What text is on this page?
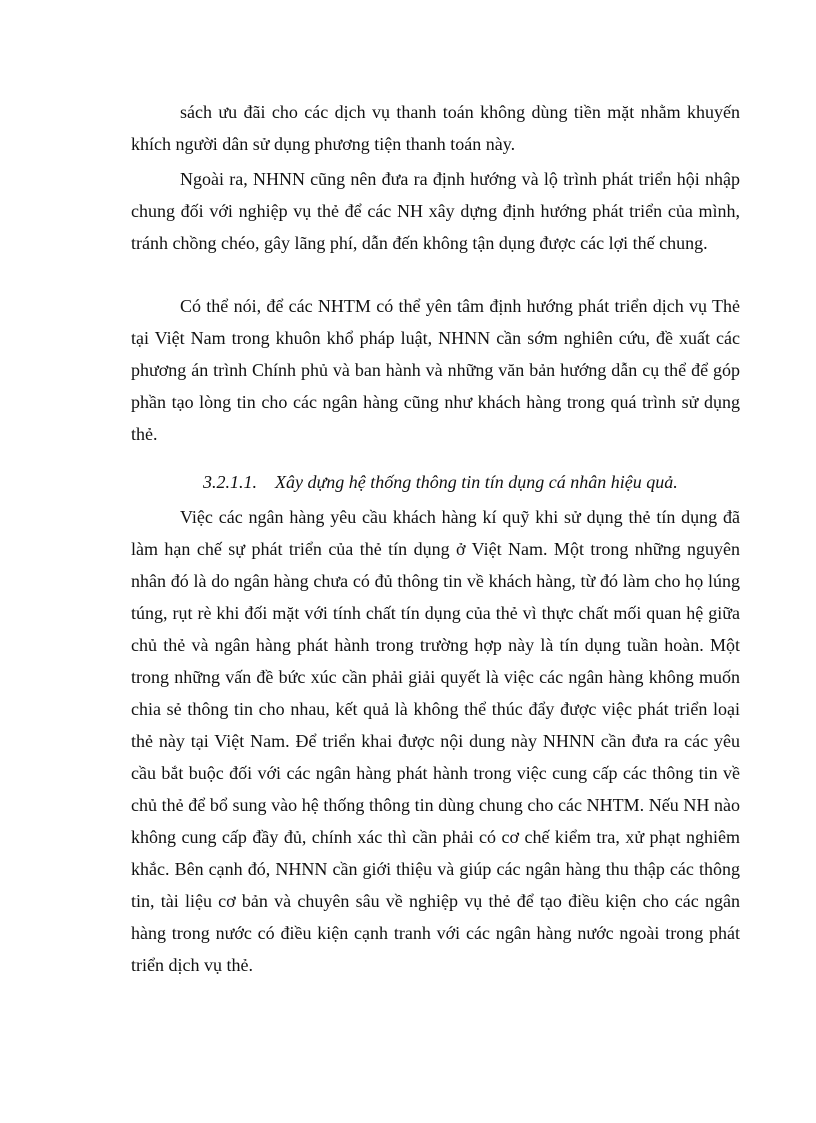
sách ưu đãi cho các dịch vụ thanh toán không dùng tiền mặt nhằm khuyến khích người dân sử dụng phương tiện thanh toán này.

Ngoài ra, NHNN cũng nên đưa ra định hướng và lộ trình phát triển hội nhập chung đối với nghiệp vụ thẻ để các NH xây dựng định hướng phát triển của mình, tránh chồng chéo, gây lãng phí, dẫn đến không tận dụng được các lợi thế chung.

Có thể nói, để các NHTM có thể yên tâm định hướng phát triển dịch vụ Thẻ tại Việt Nam trong khuôn khổ pháp luật, NHNN cần sớm nghiên cứu, đề xuất các phương án trình Chính phủ và ban hành và những văn bản hướng dẫn cụ thể để góp phần tạo lòng tin cho các ngân hàng cũng như khách hàng trong quá trình sử dụng thẻ.

3.2.1.1. Xây dựng hệ thống thông tin tín dụng cá nhân hiệu quả.

Việc các ngân hàng yêu cầu khách hàng kí quỹ khi sử dụng thẻ tín dụng đã làm hạn chế sự phát triển của thẻ tín dụng ở Việt Nam. Một trong những nguyên nhân đó là do ngân hàng chưa có đủ thông tin về khách hàng, từ đó làm cho họ lúng túng, rụt rè khi đối mặt với tính chất tín dụng của thẻ vì thực chất mối quan hệ giữa chủ thẻ và ngân hàng phát hành trong trường hợp này là tín dụng tuần hoàn. Một trong những vấn đề bức xúc cần phải giải quyết là việc các ngân hàng không muốn chia sẻ thông tin cho nhau, kết quả là không thể thúc đẩy được việc phát triển loại thẻ này tại Việt Nam. Để triển khai được nội dung này NHNN cần đưa ra các yêu cầu bắt buộc đối với các ngân hàng phát hành trong việc cung cấp các thông tin về chủ thẻ để bổ sung vào hệ thống thông tin dùng chung cho các NHTM. Nếu NH nào không cung cấp đầy đủ, chính xác thì cần phải có cơ chế kiểm tra, xử phạt nghiêm khắc. Bên cạnh đó, NHNN cần giới thiệu và giúp các ngân hàng thu thập các thông tin, tài liệu cơ bản và chuyên sâu về nghiệp vụ thẻ để tạo điều kiện cho các ngân hàng trong nước có điều kiện cạnh tranh với các ngân hàng nước ngoài trong phát triển dịch vụ thẻ.
